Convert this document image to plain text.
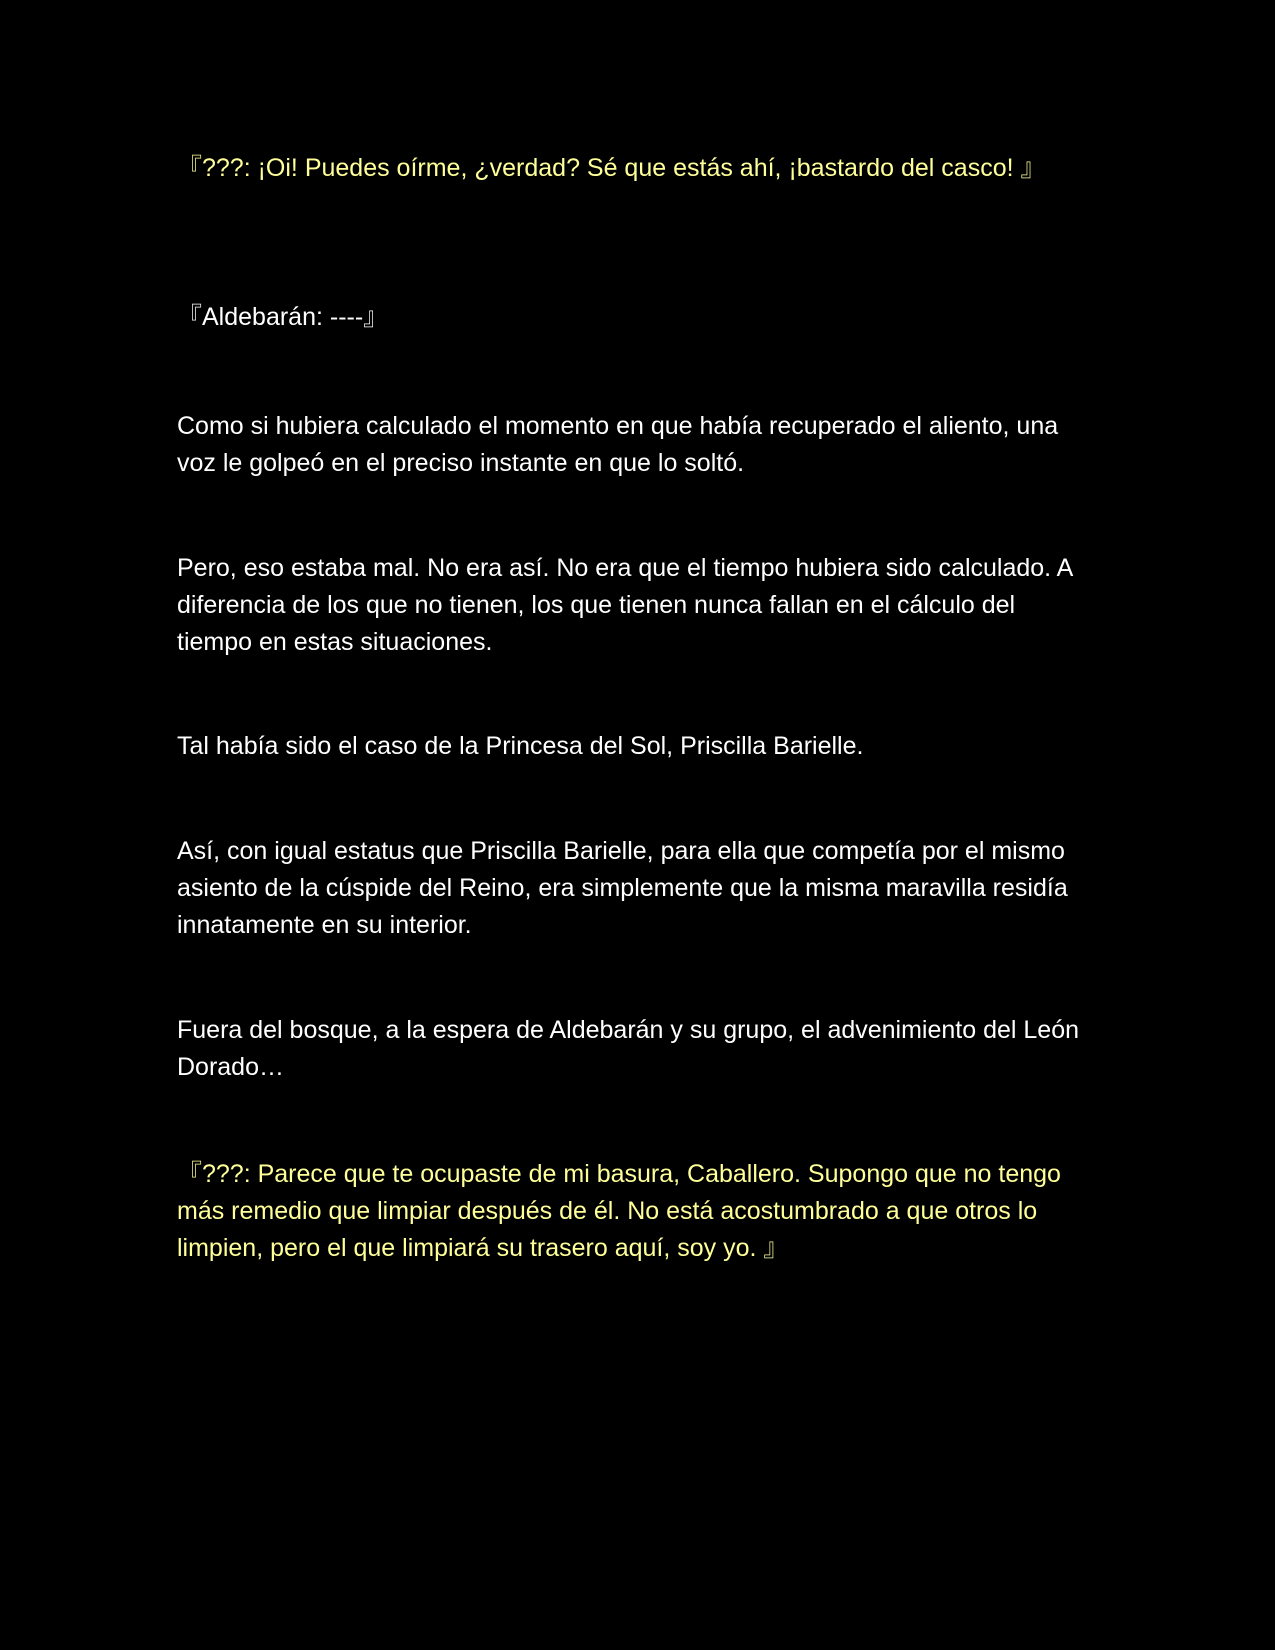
『???: ¡Oi! Puedes oírme, ¿verdad? Sé que estás ahí, ¡bastardo del casco! 』

『Aldebarán: ----』

Como si hubiera calculado el momento en que había recuperado el aliento, una voz le golpeó en el preciso instante en que lo soltó.

Pero, eso estaba mal. No era así. No era que el tiempo hubiera sido calculado. A diferencia de los que no tienen, los que tienen nunca fallan en el cálculo del tiempo en estas situaciones.

Tal había sido el caso de la Princesa del Sol, Priscilla Barielle.

Así, con igual estatus que Priscilla Barielle, para ella que competía por el mismo asiento de la cúspide del Reino, era simplemente que la misma maravilla residía innatamente en su interior.

Fuera del bosque, a la espera de Aldebarán y su grupo, el advenimiento del León Dorado…

『???: Parece que te ocupaste de mi basura, Caballero. Supongo que no tengo más remedio que limpiar después de él. No está acostumbrado a que otros lo limpien, pero el que limpiará su trasero aquí, soy yo. 』
